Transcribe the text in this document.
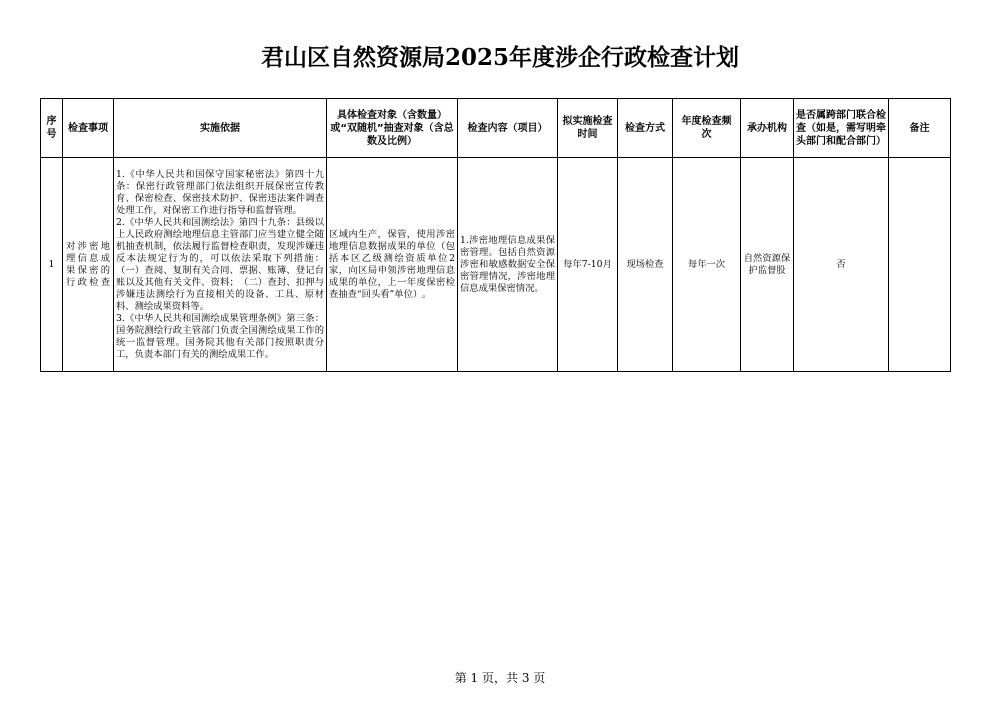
君山区自然资源局2025年度涉企行政检查计划
序号	检查事项	实施依据	具体检查对象（含数量）或“双随机”抽查对象（含总数及比例）	检查内容（项目）	拟实施检查时间	检查方式	年度检查频次	承办机构	是否属跨部门联合检查（如是，需写明牵头部门和配合部门）	备注
1	对涉密地理信息成果保密的行政检查	1.《中华人民共和国保守国家秘密法》第四十九条：保密行政管理部门依法组织开展保密宣传教育、保密检查、保密技术防护、保密违法案件调查处理工作，对保密工作进行指导和监督管理。

2.《中华人民共和国测绘法》第四十九条：县级以上人民政府测绘地理信息主管部门应当建立健全随机抽查机制，依法履行监督检查职责，发现涉嫌违反本法规定行为的，可以依法采取下列措施：（一）查阅、复制有关合同、票据、账簿、登记台账以及其他有关文件、资料；（二）查封、扣押与涉嫌违法测绘行为直接相关的设备、工具、原材料、测绘成果资料等。

3.《中华人民共和国测绘成果管理条例》第三条：国务院测绘行政主管部门负责全国测绘成果工作的统一监督管理。国务院其他有关部门按照职责分工，负责本部门有关的测绘成果工作。	区域内生产，保管，使用涉密地理信息数据成果的单位（包括本区乙级测绘资质单位2家，向区局申领涉密地理信息成果的单位，上一年度保密检查抽查“回头看”单位）。	1.涉密地理信息成果保密管理。包括自然资源涉密和敏感数据安全保密管理情况，涉密地理信息成果保密情况。	每年7-10月	现场检查	每年一次	自然资源保护监督股	否	
第 1 页，共 3 页
